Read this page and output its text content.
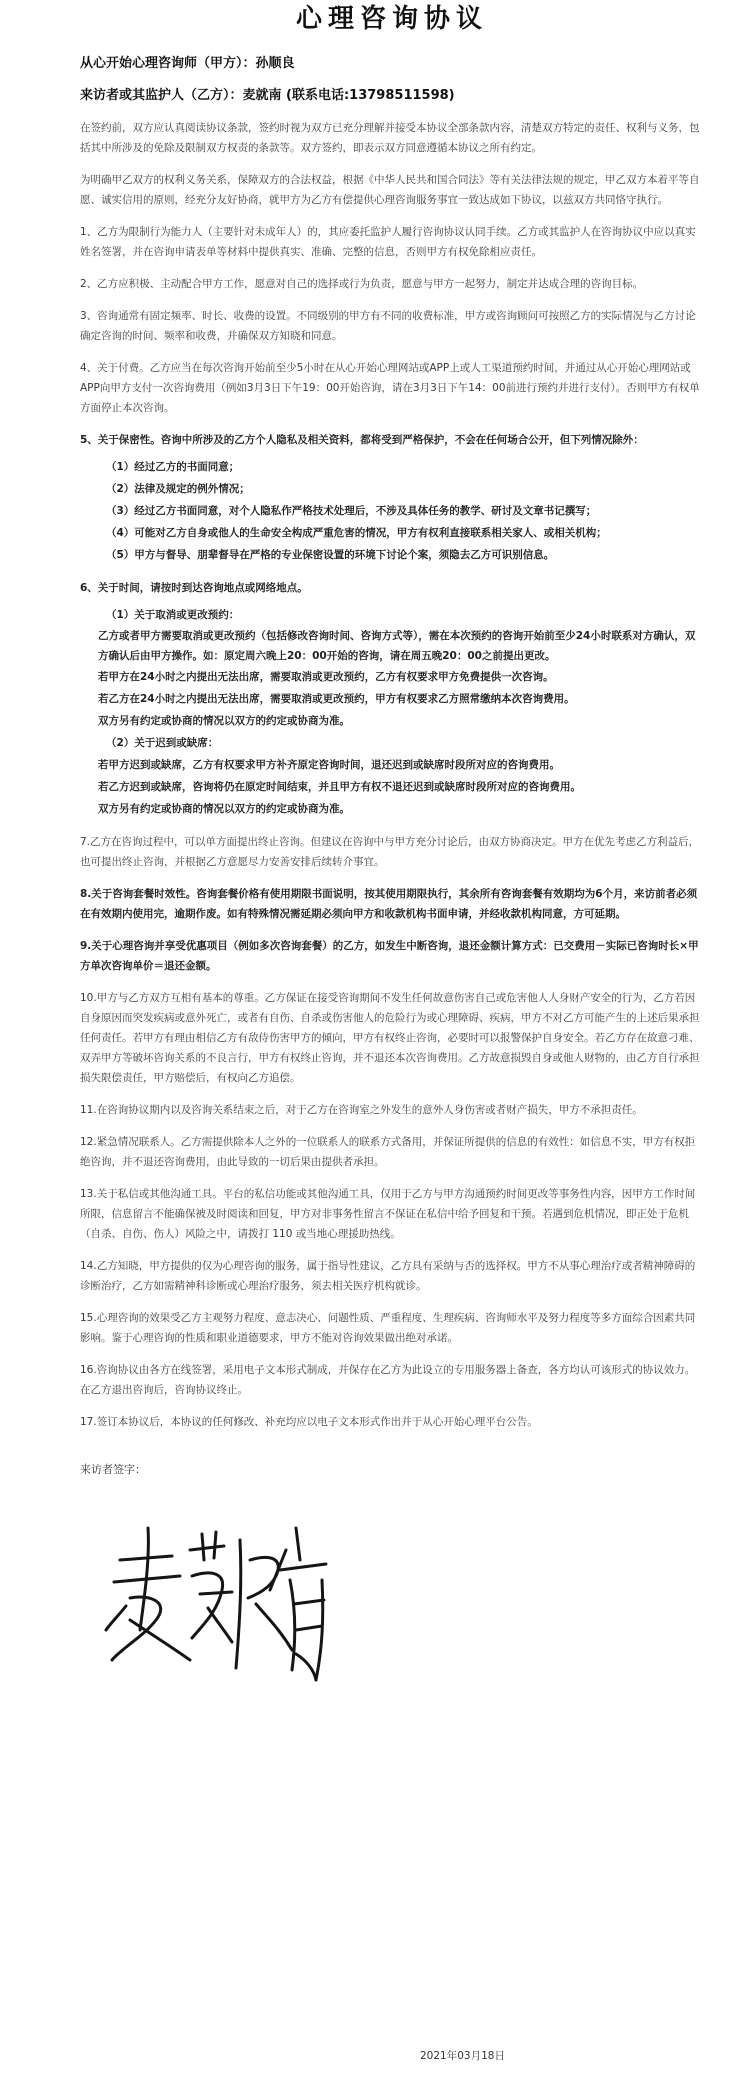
心理咨询协议

从心开始心理咨询师（甲方）：孙顺良

来访者或其监护人（乙方）：麦就南 (联系电话:13798511598)

在签约前，双方应认真阅读协议条款，签约时视为双方已充分理解并接受本协议全部条款内容，清楚双方特定的责任、权利与义务，包括其中所涉及的免除及限制双方权责的条款等。双方签约，即表示双方同意遵循本协议之所有约定。

为明确甲乙双方的权利义务关系，保障双方的合法权益，根据《中华人民共和国合同法》等有关法律法规的规定，甲乙双方本着平等自愿、诚实信用的原则，经充分友好协商，就甲方为乙方有偿提供心理咨询服务事宜一致达成如下协议，以兹双方共同恪守执行。

1、乙方为限制行为能力人（主要针对未成年人）的，其应委托监护人履行咨询协议认同手续。乙方或其监护人在咨询协议中应以真实姓名签署，并在咨询申请表单等材料中提供真实、准确、完整的信息，否则甲方有权免除相应责任。

2、乙方应积极、主动配合甲方工作，愿意对自己的选择或行为负责，愿意与甲方一起努力，制定并达成合理的咨询目标。

3、咨询通常有固定频率、时长、收费的设置。不同级别的甲方有不同的收费标准，甲方或咨询顾问可按照乙方的实际情况与乙方讨论确定咨询的时间、频率和收费，并确保双方知晓和同意。

4、关于付费。乙方应当在每次咨询开始前至少5小时在从心开始心理网站或APP上或人工渠道预约时间，并通过从心开始心理网站或APP向甲方支付一次咨询费用（例如3月3日下午19：00开始咨询，请在3月3日下午14：00前进行预约并进行支付）。否则甲方有权单方面停止本次咨询。

5、关于保密性。咨询中所涉及的乙方个人隐私及相关资料，都将受到严格保护，不会在任何场合公开，但下列情况除外：

（1）经过乙方的书面同意；

（2）法律及规定的例外情况；

（3）经过乙方书面同意，对个人隐私作严格技术处理后，不涉及具体任务的教学、研讨及文章书记撰写；

（4）可能对乙方自身或他人的生命安全构成严重危害的情况，甲方有权利直接联系相关家人、或相关机构；

（5）甲方与督导、朋辈督导在严格的专业保密设置的环境下讨论个案，须隐去乙方可识别信息。

6、关于时间，请按时到达咨询地点或网络地点。

（1）关于取消或更改预约：

乙方或者甲方需要取消或更改预约（包括修改咨询时间、咨询方式等），需在本次预约的咨询开始前至少24小时联系对方确认，双方确认后由甲方操作。如：原定周六晚上20：00开始的咨询，请在周五晚20：00之前提出更改。

若甲方在24小时之内提出无法出席，需要取消或更改预约，乙方有权要求甲方免费提供一次咨询。

若乙方在24小时之内提出无法出席，需要取消或更改预约，甲方有权要求乙方照常缴纳本次咨询费用。

双方另有约定或协商的情况以双方的约定或协商为准。

（2）关于迟到或缺席：

若甲方迟到或缺席，乙方有权要求甲方补齐原定咨询时间，退还迟到或缺席时段所对应的咨询费用。

若乙方迟到或缺席，咨询将仍在原定时间结束，并且甲方有权不退还迟到或缺席时段所对应的咨询费用。

双方另有约定或协商的情况以双方的约定或协商为准。

7.乙方在咨询过程中，可以单方面提出终止咨询。但建议在咨询中与甲方充分讨论后，由双方协商决定。甲方在优先考虑乙方利益后，也可提出终止咨询，并根据乙方意愿尽力安善安排后续转介事宜。

8.关于咨询套餐时效性。咨询套餐价格有使用期限书面说明，按其使用期限执行，其余所有咨询套餐有效期均为6个月，来访前者必须在有效期内使用完，逾期作废。如有特殊情况需延期必须向甲方和收款机构书面申请，并经收款机构同意，方可延期。

9.关于心理咨询并享受优惠项目（例如多次咨询套餐）的乙方，如发生中断咨询，退还金额计算方式：已交费用－实际已咨询时长×甲方单次咨询单价＝退还金额。

10.甲方与乙方双方互相有基本的尊重。乙方保证在接受咨询期间不发生任何故意伤害自己或危害他人人身财产安全的行为，乙方若因自身原因而突发疾病或意外死亡，或者有自伤、自杀或伤害他人的危险行为或心理障碍、疾病，甲方不对乙方可能产生的上述后果承担任何责任。若甲方有理由相信乙方有敌侍伤害甲方的倾向，甲方有权终止咨询，必要时可以报警保护自身安全。若乙方存在故意刁难、双弄甲方等破坏咨询关系的不良言行，甲方有权终止咨询，并不退还本次咨询费用。乙方故意损毁自身或他人财物的，由乙方自行承担损失限偿责任，甲方赔偿后，有权向乙方追偿。

11.在咨询协议期内以及咨询关系结束之后，对于乙方在咨询室之外发生的意外人身伤害或者财产损失，甲方不承担责任。

12.紧急情况联系人。乙方需提供除本人之外的一位联系人的联系方式备用，并保证所提供的信息的有效性：如信息不实，甲方有权拒绝咨询，并不退还咨询费用，由此导致的一切后果由提供者承担。

13.关于私信或其他沟通工具。平台的私信功能或其他沟通工具，仅用于乙方与甲方沟通预约时间更改等事务性内容，因甲方工作时间所限，信息留言不能确保被及时阅读和回复，甲方对非事务性留言不保证在私信中给予回复和干预。若遇到危机情况，即正处于危机（自杀、自伤、伤人）风险之中，请拨打 110 或当地心理援助热线。

14.乙方知晓，甲方提供的仅为心理咨询的服务，属于指导性建议，乙方具有采纳与否的选择权。甲方不从事心理治疗或者精神障碍的诊断治疗，乙方如需精神科诊断或心理治疗服务，须去相关医疗机构就诊。

15.心理咨询的效果受乙方主观努力程度、意志决心、问题性质、严重程度、生理疾病、咨询师水平及努力程度等多方面综合因素共同影响。鉴于心理咨询的性质和职业道德要求，甲方不能对咨询效果做出绝对承诺。

16.咨询协议由各方在线签署，采用电子文本形式制成，并保存在乙方为此设立的专用服务器上备查，各方均认可该形式的协议效力。在乙方退出咨询后，咨询协议终止。

17.签订本协议后，本协议的任何修改、补充均应以电子文本形式作出并于从心开始心理平台公告。

来访者签字：

2021年03月18日
